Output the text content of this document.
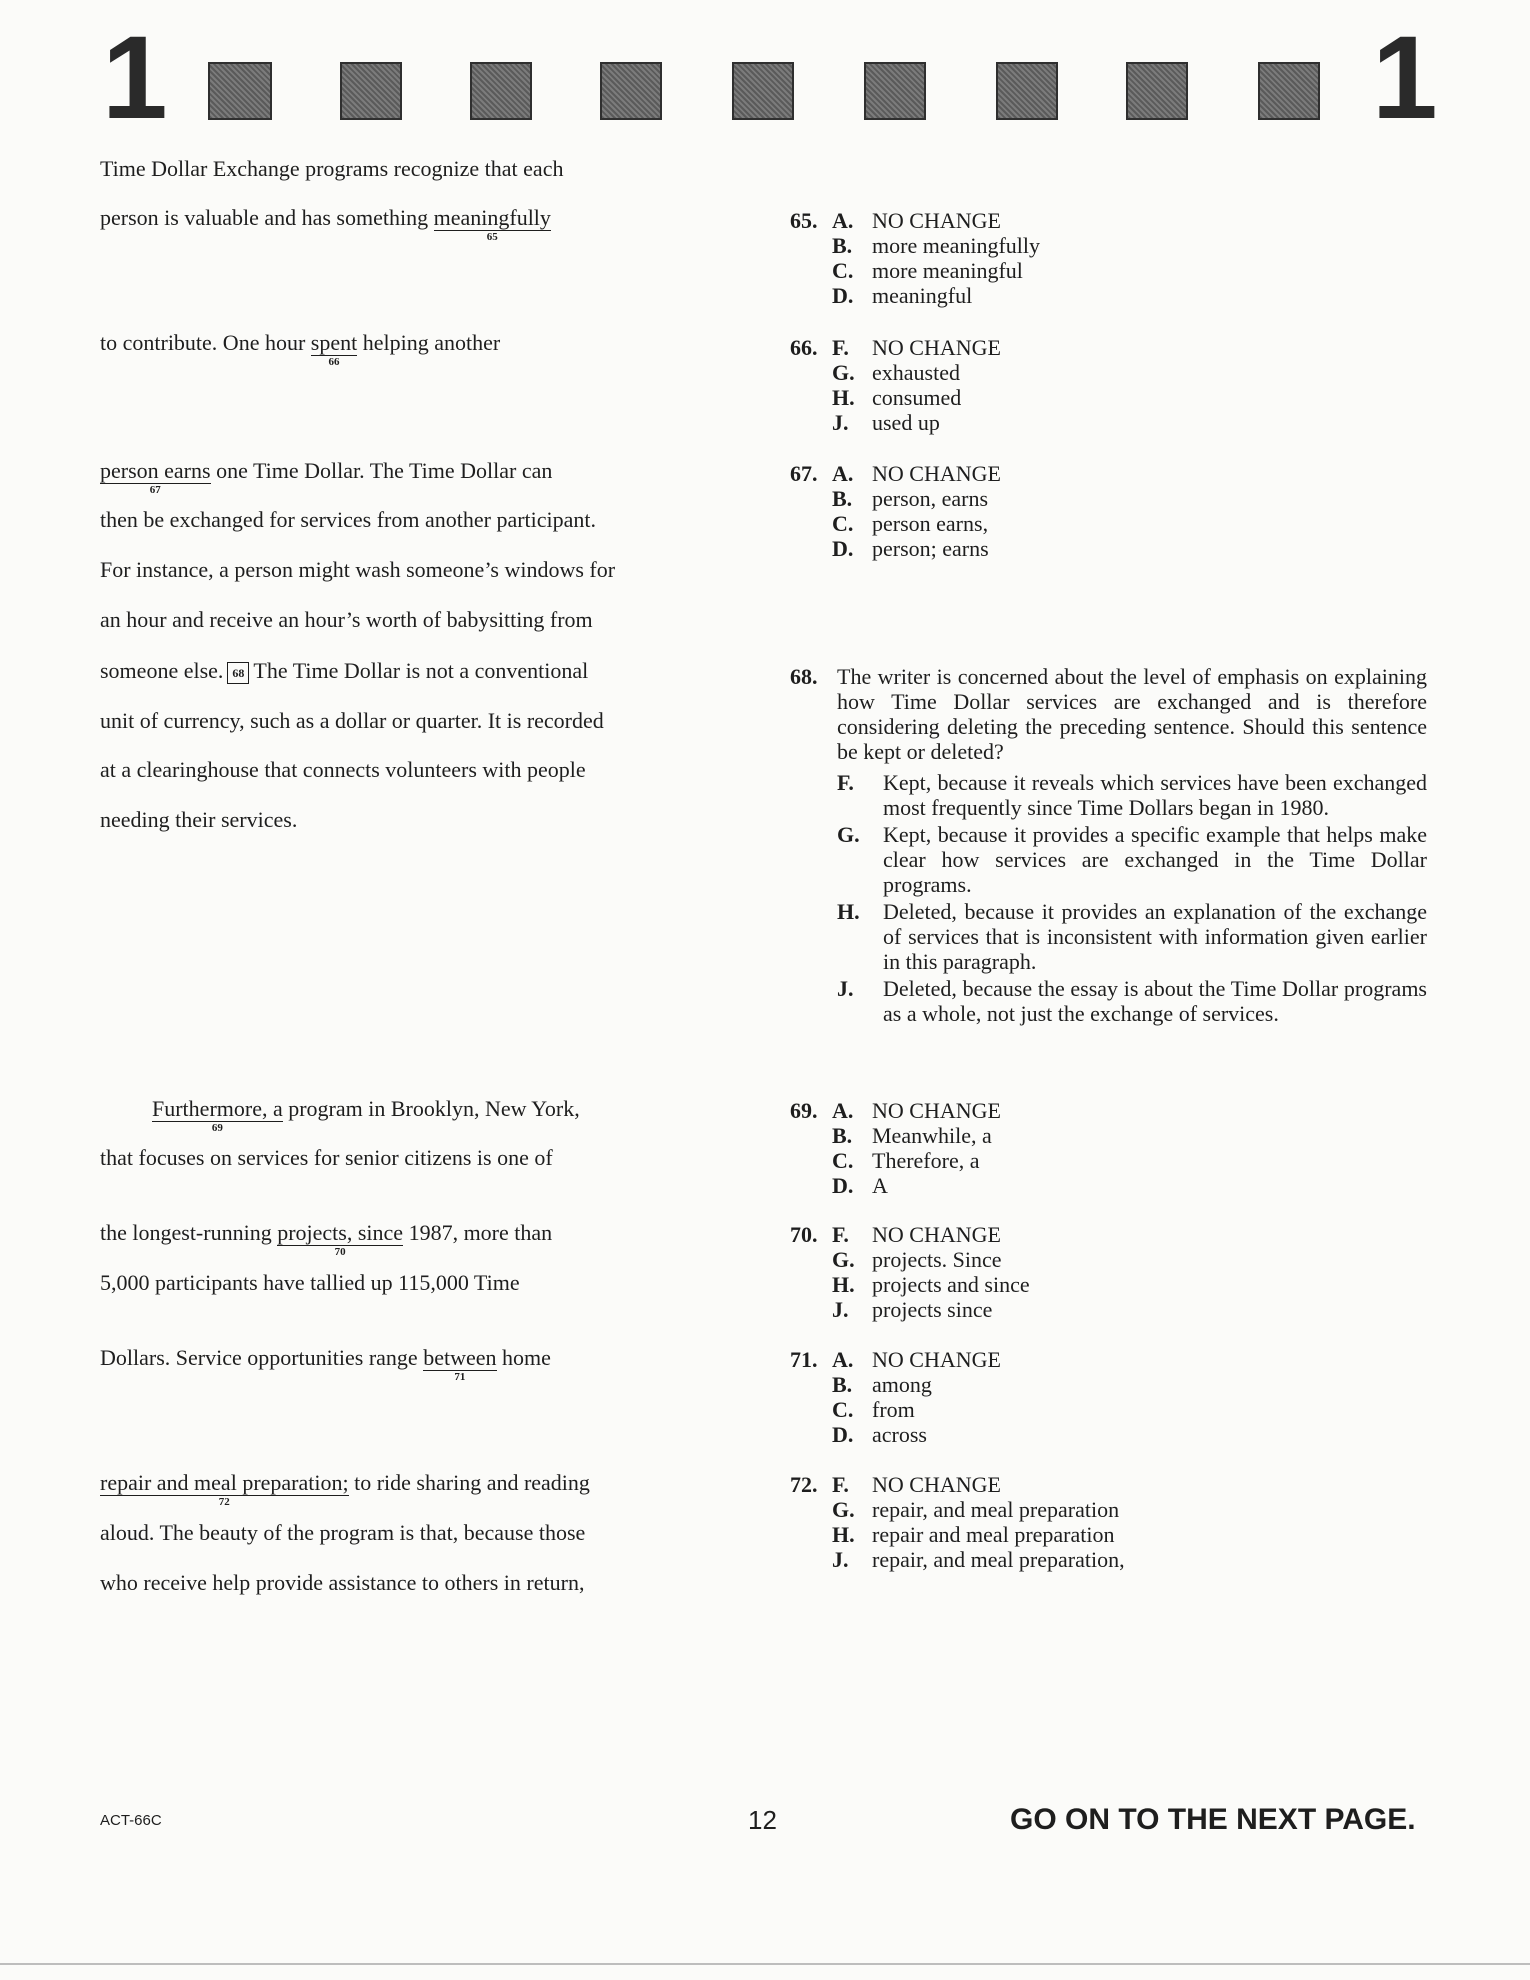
1	1
Time Dollar Exchange programs recognize that each
person is valuable and has something meaningfully
65
to contribute. One hour spent
66
helping another
person earns
67
one Time Dollar. The Time Dollar can
then be exchanged for services from another participant.
For instance, a person might wash someone’s windows for
an hour and receive an hour’s worth of babysitting from
someone else. 68 The Time Dollar is not a conventional
unit of currency, such as a dollar or quarter. It is recorded
at a clearinghouse that connects volunteers with people
needing their services.
Furthermore, a
69
program in Brooklyn, New York,
that focuses on services for senior citizens is one of
the longest-running projects, since
70
1987, more than
5,000 participants have tallied up 115,000 Time
Dollars. Service opportunities range between
71
home
repair and meal preparation;
72
to ride sharing and reading
aloud. The beauty of the program is that, because those
who receive help provide assistance to others in return,
65. A. NO CHANGE
B. more meaningfully
C. more meaningful
D. meaningful
66. F.	NO CHANGE
G. exhausted
H. consumed
J.	used up
67. A. NO CHANGE
B. person, earns
C. person earns,
D. person; earns
68. The writer is concerned about the level of emphasis on explaining how Time Dollar services are exchanged and is therefore considering deleting the preceding sentence. Should this sentence be kept or deleted?
F.	Kept, because it reveals which services have been exchanged most frequently since Time Dollars began in 1980.
G.	Kept, because it provides a specific example that helps make clear how services are exchanged in the Time Dollar programs.
H.	Deleted, because it provides an explanation of the exchange of services that is inconsistent with information given earlier in this paragraph.
J.	Deleted, because the essay is about the Time Dollar programs as a whole, not just the exchange of services.
69. A. NO CHANGE
B. Meanwhile, a
C. Therefore, a
D. A
70. F.	NO CHANGE
G. projects. Since
H. projects and since
J.	projects since
71. A. NO CHANGE
B. among
C. from
D. across
72. F.	NO CHANGE
G. repair, and meal preparation
H. repair and meal preparation
J.	repair, and meal preparation,
ACT-66C	12	GO ON TO THE NEXT PAGE.
